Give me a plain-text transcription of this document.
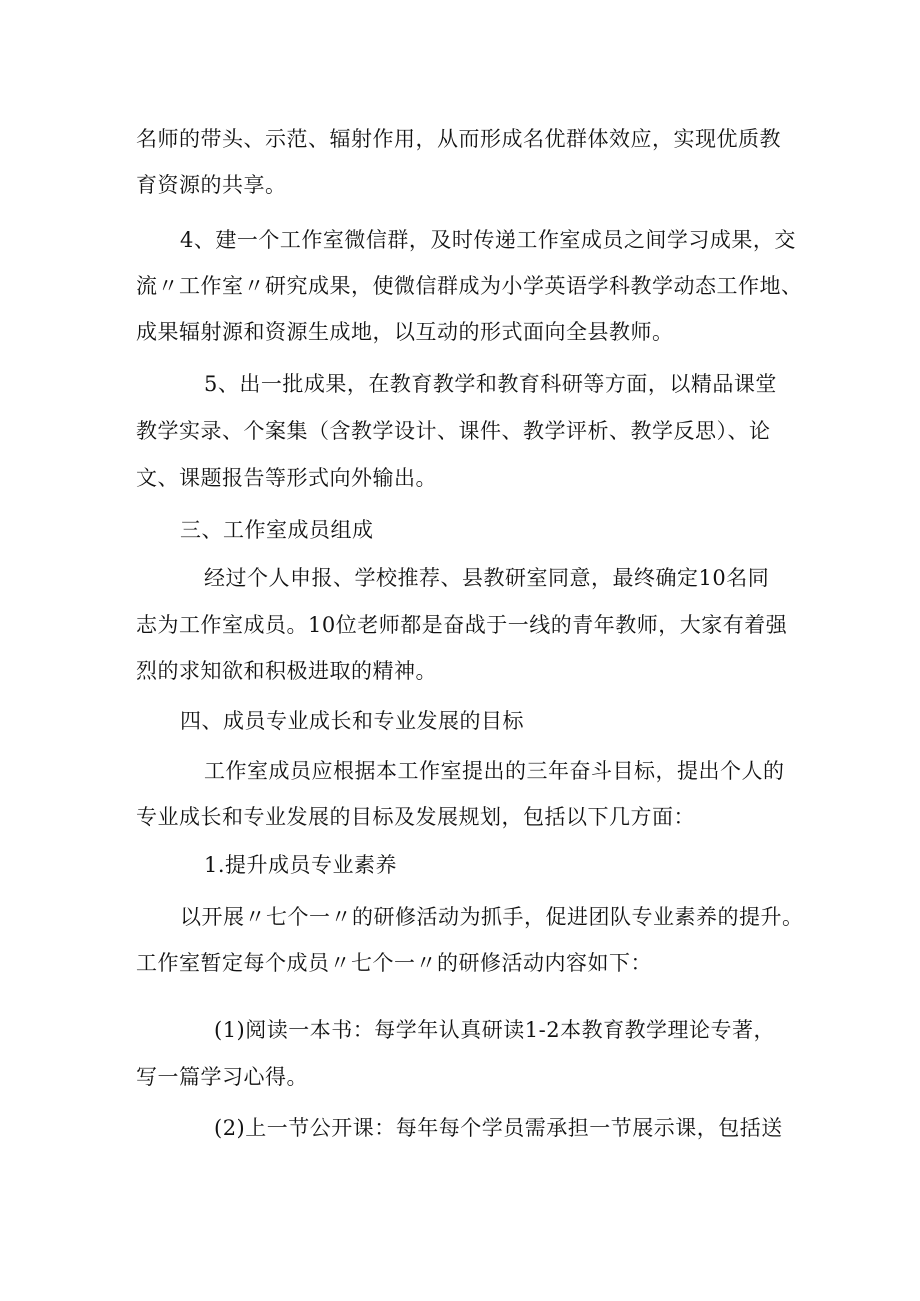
名师的带头、示范、辐射作用，从而形成名优群体效应，实现优质教
育资源的共享。
4、建一个工作室微信群，及时传递工作室成员之间学习成果，交
流〃工作室〃研究成果，使微信群成为小学英语学科教学动态工作地、
成果辐射源和资源生成地，以互动的形式面向全县教师。
5、出一批成果，在教育教学和教育科研等方面，以精品课堂
教学实录、个案集（含教学设计、课件、教学评析、教学反思）、论
文、课题报告等形式向外输出。
三、工作室成员组成
经过个人申报、学校推荐、县教研室同意，最终确定10名同
志为工作室成员。10位老师都是奋战于一线的青年教师，大家有着强
烈的求知欲和积极进取的精神。
四、成员专业成长和专业发展的目标
工作室成员应根据本工作室提出的三年奋斗目标，提出个人的
专业成长和专业发展的目标及发展规划，包括以下几方面：
1.提升成员专业素养
以开展〃七个一〃的研修活动为抓手，促进团队专业素养的提升。
工作室暂定每个成员〃七个一〃的研修活动内容如下：
(1)阅读一本书：每学年认真研读1-2本教育教学理论专著，
写一篇学习心得。
(2)上一节公开课：每年每个学员需承担一节展示课，包括送
